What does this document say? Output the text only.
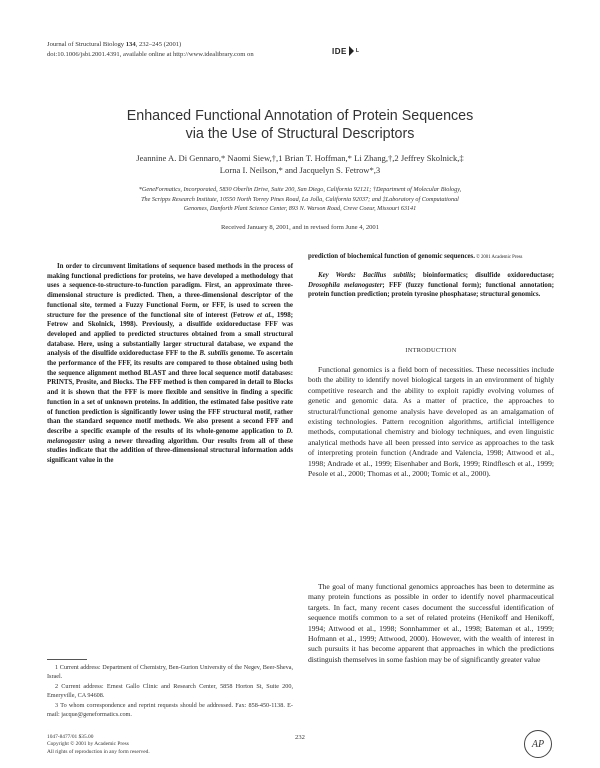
Journal of Structural Biology 134, 232–245 (2001)
doi:10.1006/jsbi.2001.4391, available online at http://www.idealibrary.com on	IDE L
Enhanced Functional Annotation of Protein Sequences
via the Use of Structural Descriptors
Jeannine A. Di Gennaro,* Naomi Siew,†,1 Brian T. Hoffman,* Li Zhang,†,2 Jeffrey Skolnick,‡
Lorna I. Neilson,* and Jacquelyn S. Fetrow*,3
*GeneFormatics, Incorporated, 5830 Oberlin Drive, Suite 200, San Diego, California 92121; †Department of Molecular Biology,
The Scripps Research Institute, 10550 North Torrey Pines Road, La Jolla, California 92037; and ‡Laboratory of Computational
Genomes, Danforth Plant Science Center, 893 N. Warson Road, Creve Coeur, Missouri 63141
Received January 8, 2001, and in revised form June 4, 2001

In order to circumvent limitations of sequence based methods in the process of making functional predictions for proteins, we have developed a methodology that uses a sequence-to-structure-to-function paradigm. First, an approximate three-dimensional structure is predicted. Then, a three-dimensional descriptor of the functional site, termed a Fuzzy Functional Form, or FFF, is used to screen the structure for the presence of the functional site of interest (Fetrow et al., 1998; Fetrow and Skolnick, 1998). Previously, a disulfide oxidoreductase FFF was developed and applied to predicted structures obtained from a small structural database. Here, using a substantially larger structural database, we expand the analysis of the disulfide oxidoreductase FFF to the B. subtilis genome. To ascertain the performance of the FFF, its results are compared to those obtained using both the sequence alignment method BLAST and three local sequence motif databases: PRINTS, Prosite, and Blocks. The FFF method is then compared in detail to Blocks and it is shown that the FFF is more flexible and sensitive in finding a specific function in a set of unknown proteins. In addition, the estimated false positive rate of function prediction is significantly lower using the FFF structural motif, rather than the standard sequence motif methods. We also present a second FFF and describe a specific example of the results of its whole-genome application to D. melanogaster using a newer threading algorithm. Our results from all of these studies indicate that the addition of three-dimensional structural information adds significant value in the

prediction of biochemical function of genomic sequences. © 2001 Academic Press

Key Words: Bacillus subtilis; bioinformatics; disulfide oxidoreductase; Drosophila melanogaster; FFF (fuzzy functional form); functional annotation; protein function prediction; protein tyrosine phosphatase; structural genomics.

INTRODUCTION

Functional genomics is a field born of necessities. These necessities include both the ability to identify novel biological targets in an environment of highly competitive research and the ability to exploit rapidly evolving volumes of genetic and genomic data. As a matter of practice, the approaches to structural/functional genome analysis have developed as an amalgamation of existing technologies. Pattern recognition algorithms, artificial intelligence methods, computational chemistry and biology techniques, and even linguistic analytical methods have all been pressed into service as approaches to the task of interpreting protein function (Andrade and Valencia, 1998; Attwood et al., 1998; Andrade et al., 1999; Eisenhaber and Bork, 1999; Rindflesch et al., 1999; Pesole et al., 2000; Thomas et al., 2000; Tomic et al., 2000).

The goal of many functional genomics approaches has been to determine as many protein functions as possible in order to identify novel pharmaceutical targets. In fact, many recent cases document the successful identification of sequence motifs common to a set of related proteins (Henikoff and Henikoff, 1994; Attwood et al., 1998; Sonnhammer et al., 1998; Bateman et al., 1999; Hofmann et al., 1999; Attwood, 2000). However, with the wealth of interest in such pursuits it has become apparent that approaches in which the predictions distinguish themselves in some fashion may be of significantly greater value

1 Current address: Department of Chemistry, Ben-Gurion University of the Negev, Beer-Sheva, Israel.

2 Current address: Ernest Gallo Clinic and Research Center, 5858 Horton St, Suite 200, Emeryville, CA 94608.

3 To whom correspondence and reprint requests should be addressed. Fax: 858-450-1138. E-mail: jacque@geneformatics.com.

1047-8477/01 $35.00
Copyright © 2001 by Academic Press
All rights of reproduction in any form reserved.
232
AP
